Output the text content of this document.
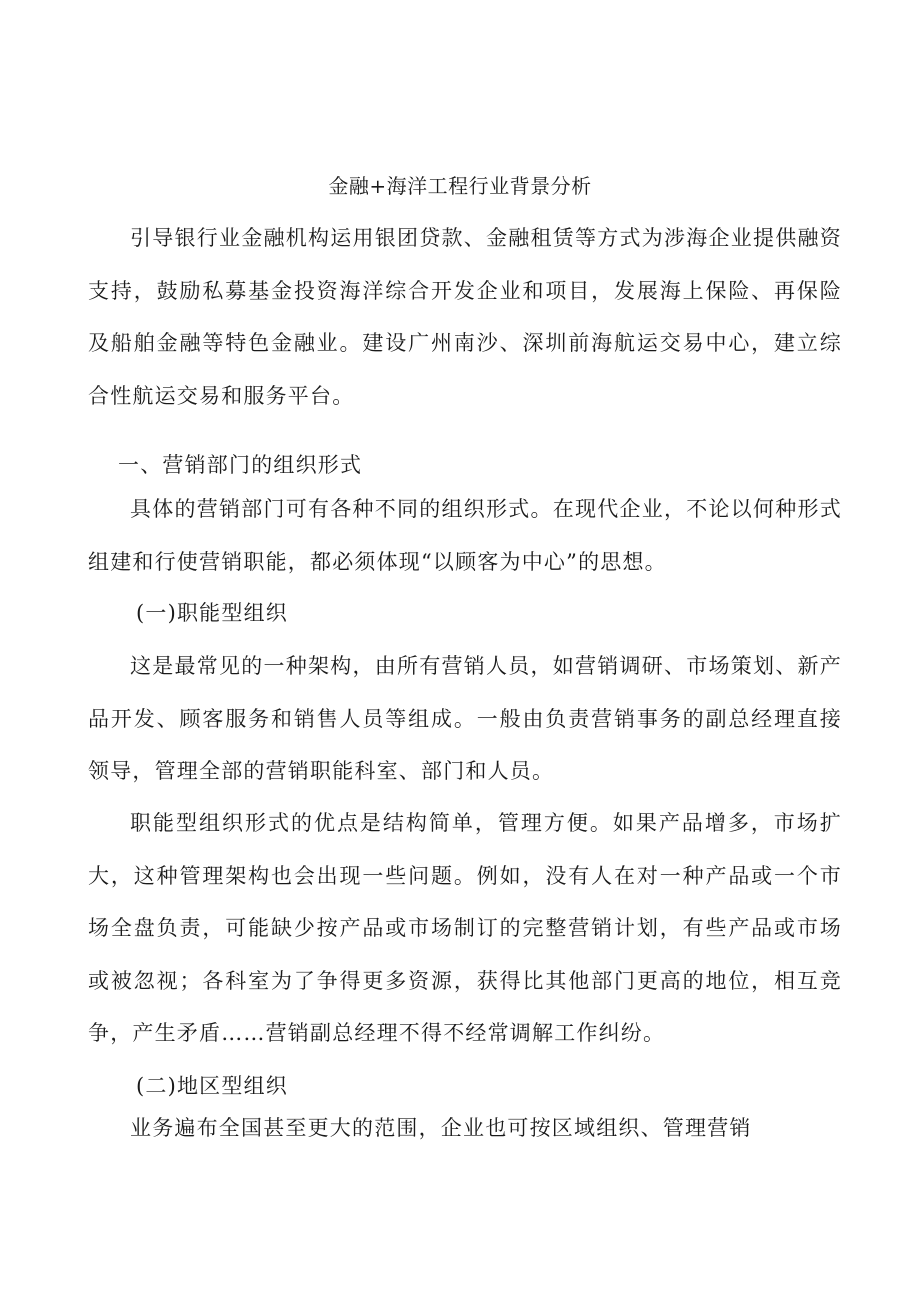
金融+海洋工程行业背景分析

引导银行业金融机构运用银团贷款、金融租赁等方式为涉海企业提供融资支持，鼓励私募基金投资海洋综合开发企业和项目，发展海上保险、再保险及船舶金融等特色金融业。建设广州南沙、深圳前海航运交易中心，建立综合性航运交易和服务平台。

一、营销部门的组织形式

具体的营销部门可有各种不同的组织形式。在现代企业，不论以何种形式组建和行使营销职能，都必须体现“以顾客为中心”的思想。

(一)职能型组织

这是最常见的一种架构，由所有营销人员，如营销调研、市场策划、新产品开发、顾客服务和销售人员等组成。一般由负责营销事务的副总经理直接领导，管理全部的营销职能科室、部门和人员。

职能型组织形式的优点是结构简单，管理方便。如果产品增多，市场扩大，这种管理架构也会出现一些问题。例如，没有人在对一种产品或一个市场全盘负责，可能缺少按产品或市场制订的完整营销计划，有些产品或市场或被忽视；各科室为了争得更多资源，获得比其他部门更高的地位，相互竞争，产生矛盾……营销副总经理不得不经常调解工作纠纷。

(二)地区型组织

业务遍布全国甚至更大的范围，企业也可按区域组织、管理营销
